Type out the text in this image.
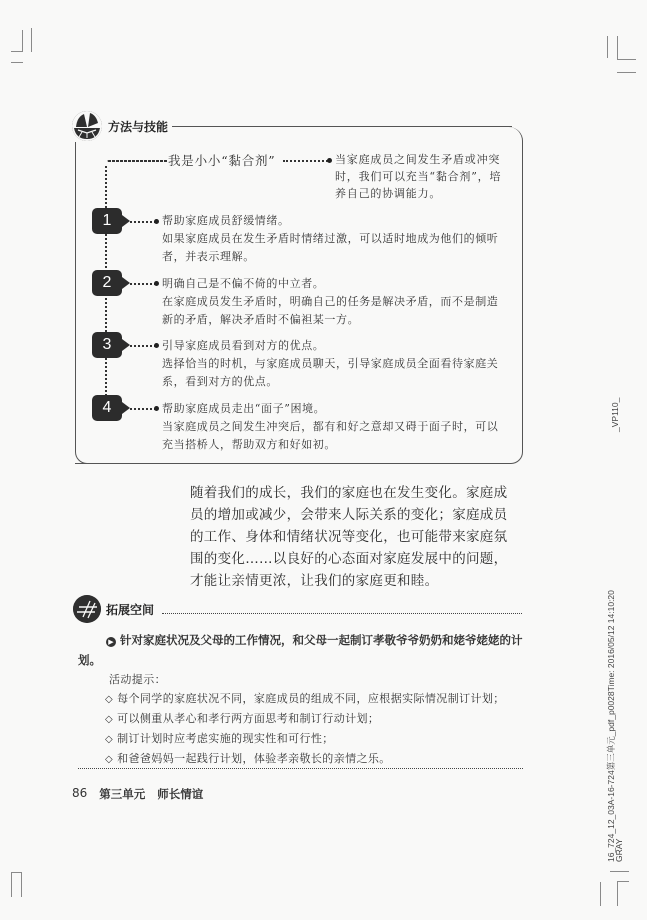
方法与技能
我是小小“黏合剂”	当家庭成员之间发生矛盾或冲突时，我们可以充当“黏合剂”，培养自己的协调能力。
1	帮助家庭成员舒缓情绪。
如果家庭成员在发生矛盾时情绪过激，可以适时地成为他们的倾听者，并表示理解。
2	明确自己是不偏不倚的中立者。
在家庭成员发生矛盾时，明确自己的任务是解决矛盾，而不是制造新的矛盾，解决矛盾时不偏袒某一方。
3	引导家庭成员看到对方的优点。
选择恰当的时机，与家庭成员聊天，引导家庭成员全面看待家庭关系，看到对方的优点。
4	帮助家庭成员走出“面子”困境。
当家庭成员之间发生冲突后，都有和好之意却又碍于面子时，可以充当搭桥人，帮助双方和好如初。
随着我们的成长，我们的家庭也在发生变化。家庭成员的增加或减少，会带来人际关系的变化；家庭成员的工作、身体和情绪状况等变化，也可能带来家庭氛围的变化……以良好的心态面对家庭发展中的问题，才能让亲情更浓，让我们的家庭更和睦。
拓展空间
▶ 针对家庭状况及父母的工作情况，和父母一起制订孝敬爷爷奶奶和姥爷姥姥的计划。
活动提示：
◇ 每个同学的家庭状况不同，家庭成员的组成不同，应根据实际情况制订计划；
◇ 可以侧重从孝心和孝行两方面思考和制订行动计划；
◇ 制订计划时应考虑实施的现实性和可行性；
◇ 和爸爸妈妈一起践行计划，体验孝亲敬长的亲情之乐。
86 第三单元 师长情谊
_VP110_
16_724_12_03A-16-724第三单元_pdf_p0028Time: 2016/05/12 14:10:20
GRAY
